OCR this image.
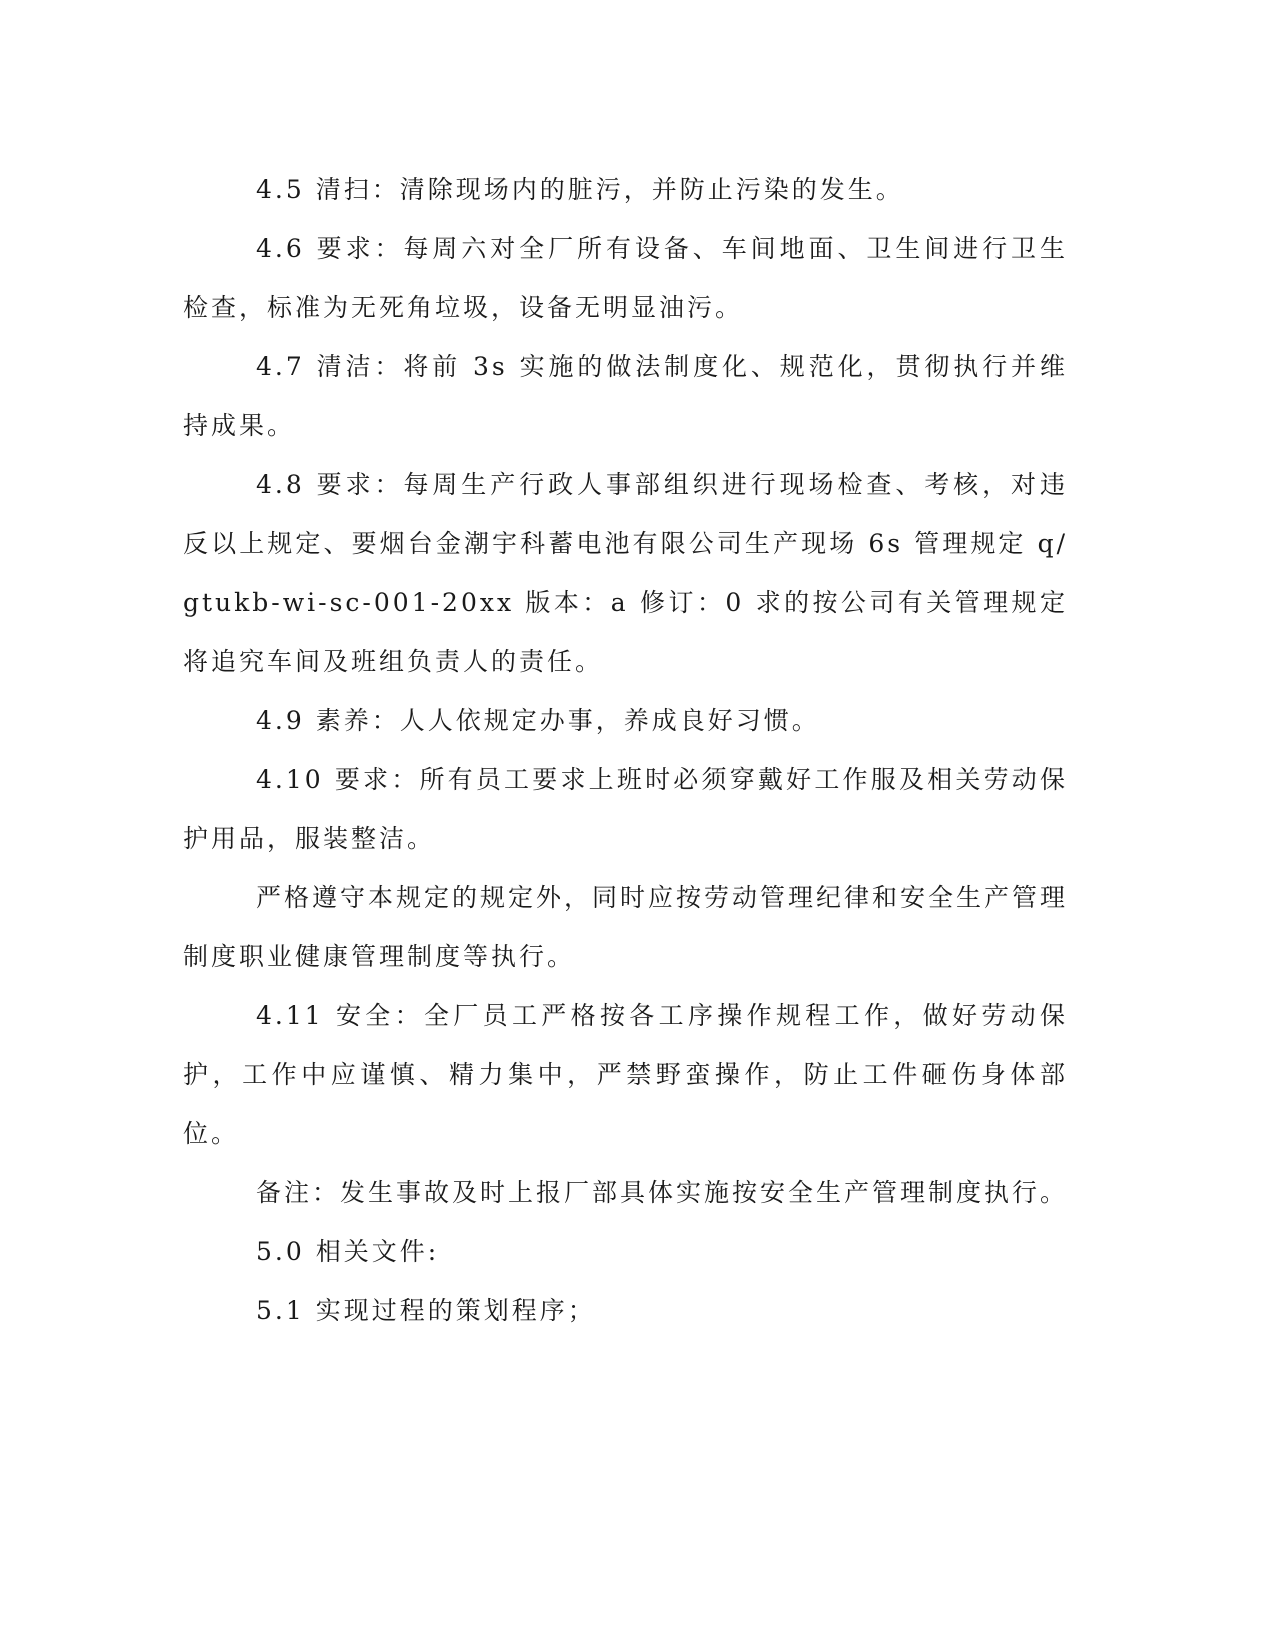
4.5 清扫：清除现场内的脏污，并防止污染的发生。

4.6 要求：每周六对全厂所有设备、车间地面、卫生间进行卫生检查，标准为无死角垃圾，设备无明显油污。

4.7 清洁：将前 3s 实施的做法制度化、规范化，贯彻执行并维持成果。

4.8 要求：每周生产行政人事部组织进行现场检查、考核，对违反以上规定、要烟台金潮宇科蓄电池有限公司生产现场 6s 管理规定 q/gtukb-wi-sc-001-20xx 版本：a 修订：0 求的按公司有关管理规定将追究车间及班组负责人的责任。

4.9 素养：人人依规定办事，养成良好习惯。

4.10 要求：所有员工要求上班时必须穿戴好工作服及相关劳动保护用品，服装整洁。

严格遵守本规定的规定外，同时应按劳动管理纪律和安全生产管理制度职业健康管理制度等执行。

4.11 安全：全厂员工严格按各工序操作规程工作，做好劳动保护，工作中应谨慎、精力集中，严禁野蛮操作，防止工件砸伤身体部位。

备注：发生事故及时上报厂部具体实施按安全生产管理制度执行。

5.0 相关文件:

5.1 实现过程的策划程序；
